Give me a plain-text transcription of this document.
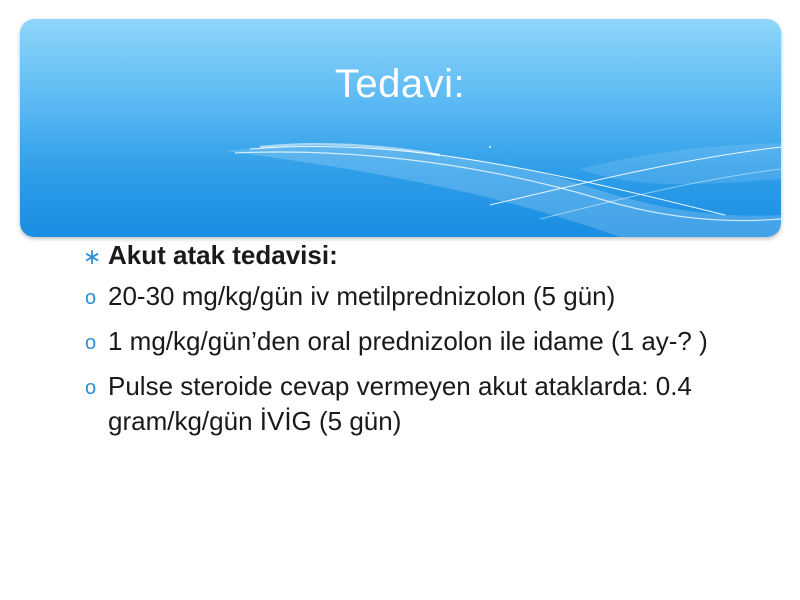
Tedavi:
∗ Akut atak tedavisi:
o 20-30 mg/kg/gün iv metilprednizolon (5 gün)
o 1 mg/kg/gün’den oral prednizolon ile idame (1 ay-? )
o Pulse steroide cevap vermeyen akut ataklarda: 0.4 gram/kg/gün İVİG (5 gün)
